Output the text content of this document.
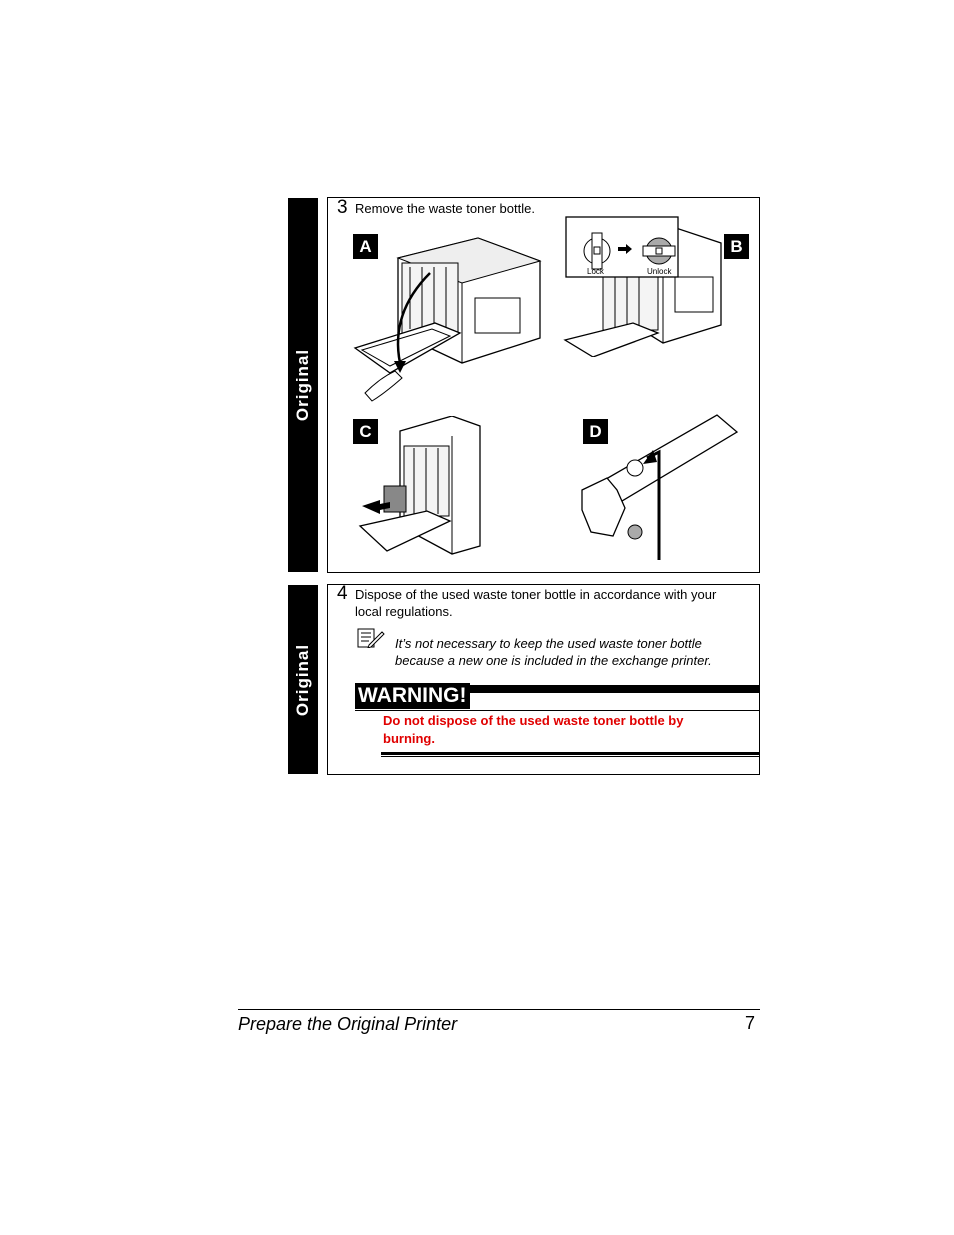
Original
Original
3 Remove the waste toner bottle.
A
Lock	Unlock
B
C	D
4 Dispose of the used waste toner bottle in accordance with your
local regulations.
It’s not necessary to keep the used waste toner bottle
because a new one is included in the exchange printer.
WARNING!
Do not dispose of the used waste toner bottle by
burning.
Prepare the Original Printer	7
